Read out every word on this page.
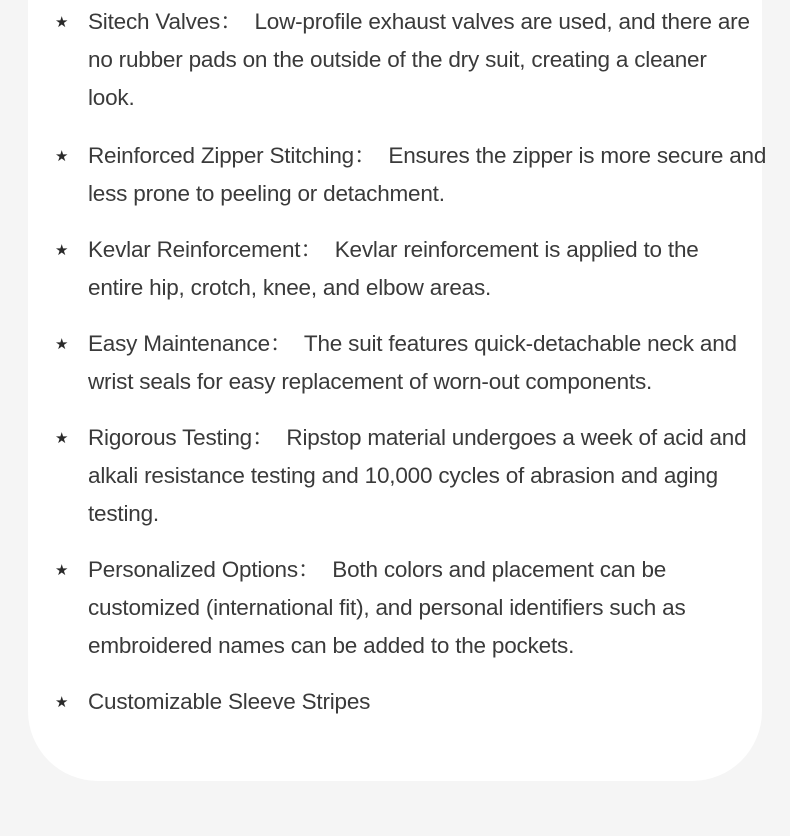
★ Sitech Valves：  Low-profile exhaust valves are used, and there are no rubber pads on the outside of the dry suit, creating a cleaner look.
★ Reinforced Zipper Stitching：  Ensures the zipper is more secure and less prone to peeling or detachment.
★ Kevlar Reinforcement：  Kevlar reinforcement is applied to the entire hip, crotch, knee, and elbow areas.
★ Easy Maintenance：  The suit features quick-detachable neck and wrist seals for easy replacement of worn-out components.
★ Rigorous Testing：  Ripstop material undergoes a week of acid and alkali resistance testing and 10,000 cycles of abrasion and aging testing.
★ Personalized Options：  Both colors and placement can be customized (international fit), and personal identifiers such as embroidered names can be added to the pockets.
★ Customizable Sleeve Stripes
